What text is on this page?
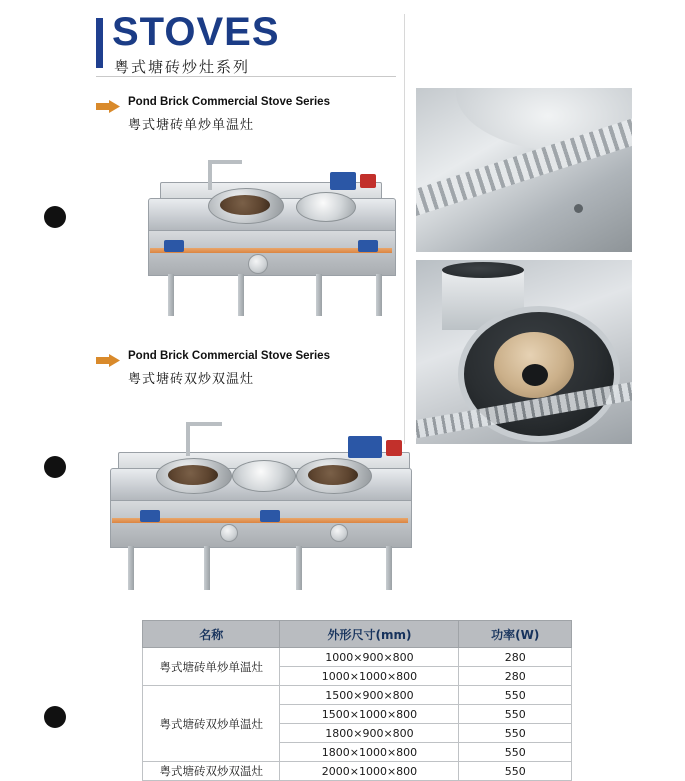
STOVES
粤式塘砖炒灶系列
Pond Brick Commercial Stove Series
粤式塘砖单炒单温灶
Pond Brick Commercial Stove Series
粤式塘砖双炒双温灶
名称	外形尺寸(mm)	功率(W)
粤式塘砖单炒单温灶	1000×900×800	280
	1000×1000×800	280
粤式塘砖双炒单温灶	1500×900×800	550
	1500×1000×800	550
	1800×900×800	550
	1800×1000×800	550
粤式塘砖双炒双温灶	2000×1000×800	550
